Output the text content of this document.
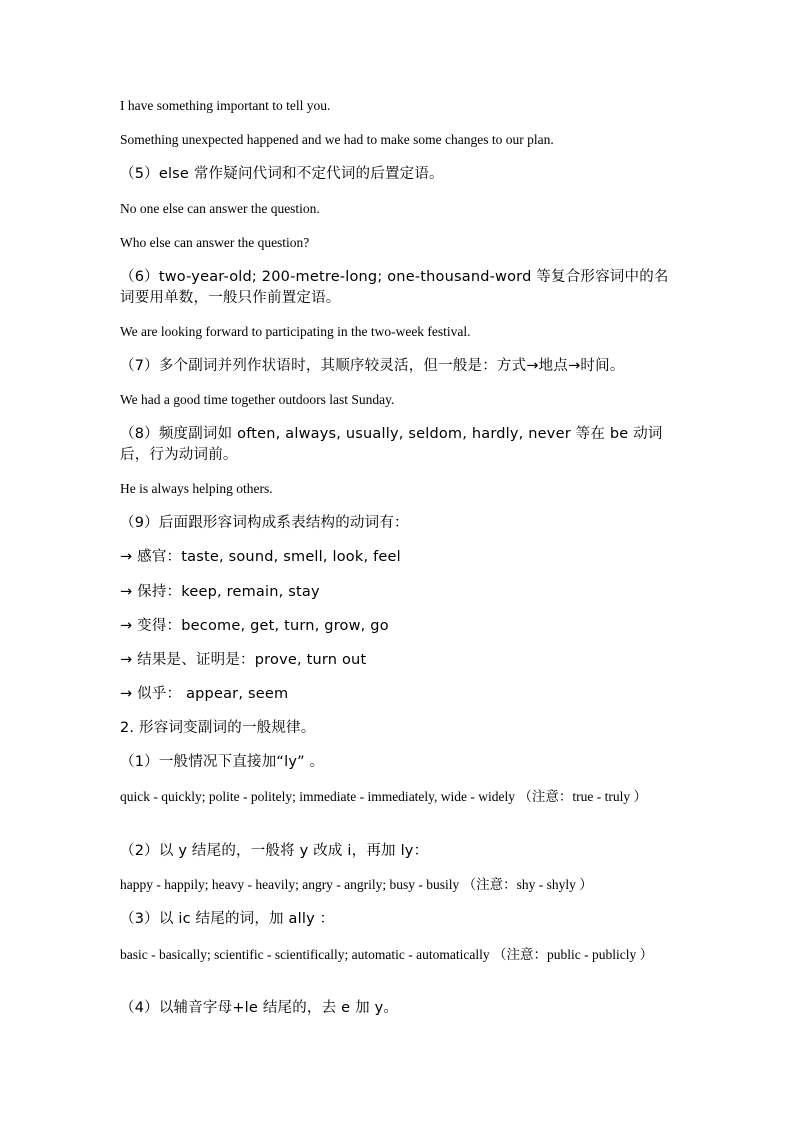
I have something important to tell you.
Something unexpected happened and we had to make some changes to our plan.
（5）else 常作疑问代词和不定代词的后置定语。
No one else can answer the question.
Who else can answer the question?
（6）two-year-old; 200-metre-long; one-thousand-word 等复合形容词中的名词要用单数，一般只作前置定语。
We are looking forward to participating in the two-week festival.
（7）多个副词并列作状语时，其顺序较灵活，但一般是：方式→地点→时间。
We had a good time together outdoors last Sunday.
（8）频度副词如 often, always, usually, seldom, hardly, never 等在 be 动词后，行为动词前。
He is always helping others.
（9）后面跟形容词构成系表结构的动词有：
→ 感官：taste, sound, smell, look, feel
→ 保持：keep, remain, stay
→ 变得：become, get, turn, grow, go
→ 结果是、证明是：prove, turn out
→ 似乎： appear, seem
2. 形容词变副词的一般规律。
（1）一般情况下直接加“ly” 。
quick - quickly; polite - politely; immediate - immediately, wide - widely （注意：true - truly ）
（2）以 y 结尾的，一般将 y 改成 i，再加 ly：
happy - happily; heavy - heavily; angry - angrily; busy - busily （注意：shy - shyly ）
（3）以 ic 结尾的词，加 ally ：
basic - basically; scientific - scientifically; automatic - automatically （注意：public - publicly ）
（4）以辅音字母+le 结尾的，去 e 加 y。
